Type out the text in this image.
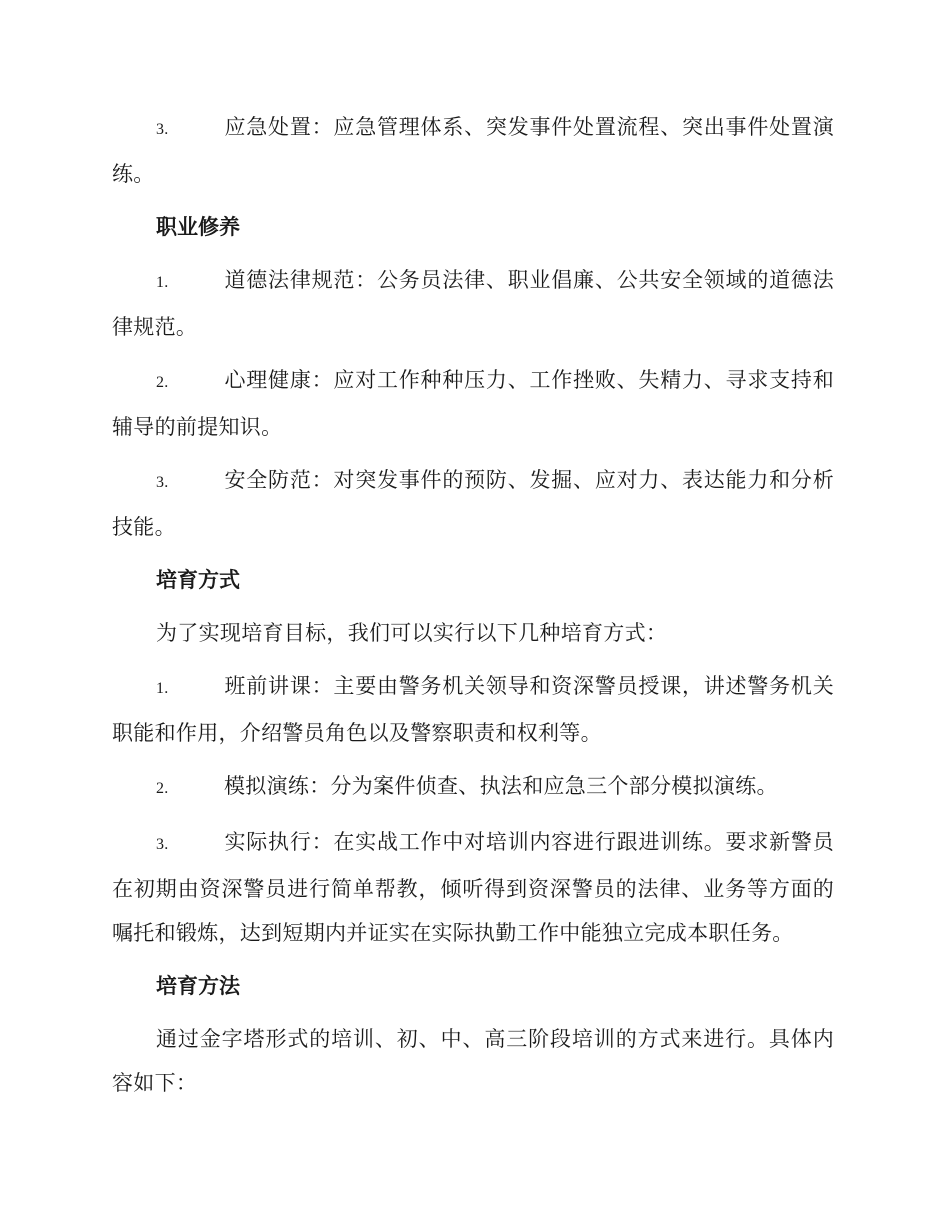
3.	应急处置：应急管理体系、突发事件处置流程、突出事件处置演练。

职业修养

1.	道德法律规范：公务员法律、职业倡廉、公共安全领域的道德法律规范。

2.	心理健康：应对工作种种压力、工作挫败、失精力、寻求支持和辅导的前提知识。

3.	安全防范：对突发事件的预防、发掘、应对力、表达能力和分析技能。

培育方式

为了实现培育目标，我们可以实行以下几种培育方式：

1.	班前讲课：主要由警务机关领导和资深警员授课，讲述警务机关职能和作用，介绍警员角色以及警察职责和权利等。

2.	模拟演练：分为案件侦查、执法和应急三个部分模拟演练。

3.	实际执行：在实战工作中对培训内容进行跟进训练。要求新警员在初期由资深警员进行简单帮教，倾听得到资深警员的法律、业务等方面的嘱托和锻炼，达到短期内并证实在实际执勤工作中能独立完成本职任务。

培育方法

通过金字塔形式的培训、初、中、高三阶段培训的方式来进行。具体内容如下：
